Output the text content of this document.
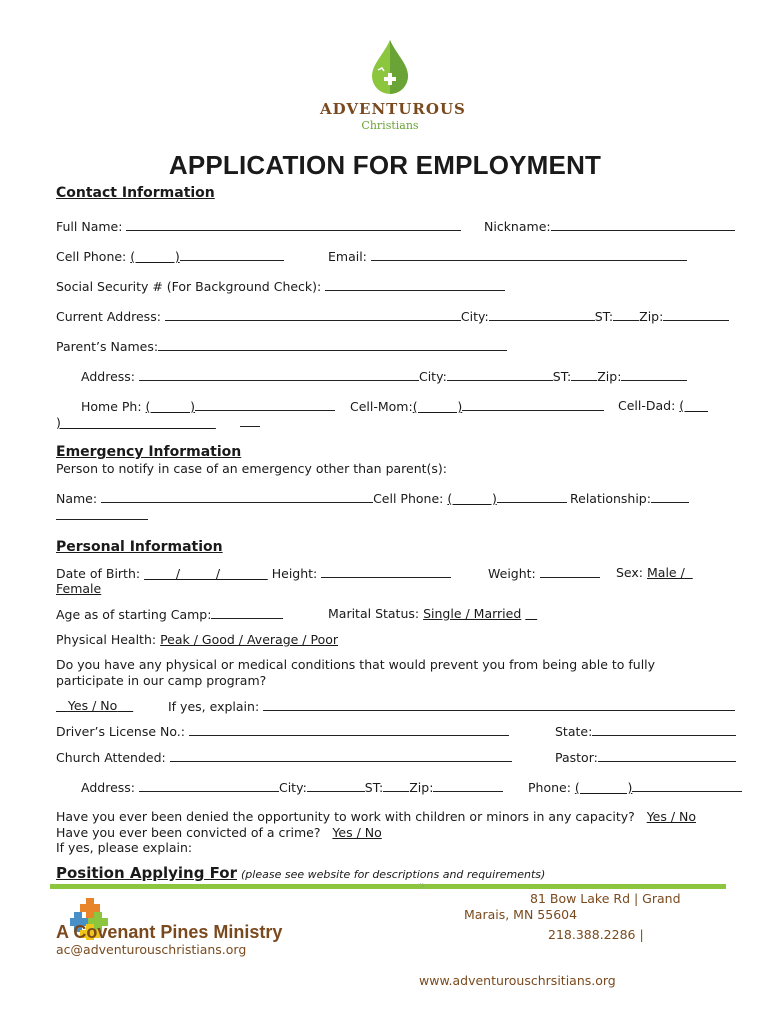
ADVENTUROUS
Christians
APPLICATION FOR EMPLOYMENT
Contact Information
Full Name:	Nickname:
Cell Phone: (          )	Email:
Social Security # (For Background Check):
Current Address:	City:	ST: Zip:
Parent’s Names:
Address:	City:	ST: Zip:
Home Ph: (          )	Cell-Mom:(          )	Cell-Dad: (
)
Emergency Information
Person to notify in case of an emergency other than parent(s):
Name:	Cell Phone: (          )	Relationship:
Personal Information
Date of Birth:         /         /             Height:	Weight:	Sex: Male /
Female
Age as of starting Camp:	Marital Status: Single / Married
Physical Health: Peak / Good / Average / Poor
Do you have any physical or medical conditions that would prevent you from being able to fully
participate in our camp program?
Yes / No	If yes, explain:
Driver’s License No.:	State:
Church Attended:	Pastor:
Address:	City:	ST: Zip:	Phone: (            )
Have you ever been denied the opportunity to work with children or minors in any capacity? Yes / No
Have you ever been convicted of a crime? Yes / No
If yes, please explain:
Position Applying For (please see website for descriptions and requirements)
\\
A Covenant Pines Ministry
ac@adventurouschristians.org
81 Bow Lake Rd | Grand
Marais, MN 55604
218.388.2286 |
www.adventurouschrsitians.org
